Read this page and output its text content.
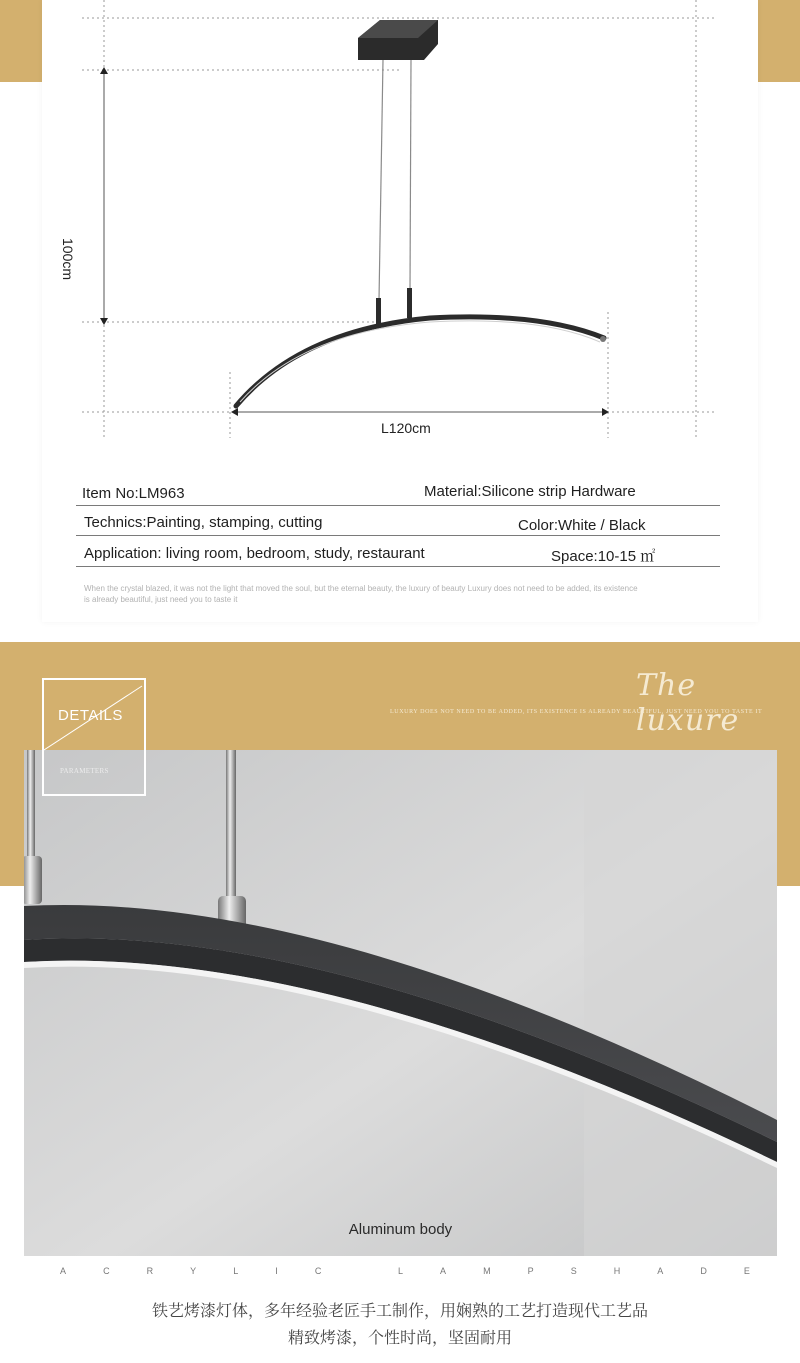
100cm
L120cm
Item No:LM963	Material:Silicone strip Hardware
Technics:Painting, stamping, cutting	Color:White / Black
Application: living room, bedroom, study, restaurant	Space:10-15 ㎡
When the crystal blazed, it was not the light that moved the soul, but the eternal beauty, the luxury of beauty Luxury does not need to be added, its existence is already beautiful, just need you to taste it
DETAILS
PARAMETERS
The luxure
LUXURY DOES NOT NEED TO BE ADDED, ITS EXISTENCE IS ALREADY BEAUTIFUL, JUST NEED YOU TO TASTE IT
Aluminum body
A	C	R	Y	L	I	C
	L	A	M	P	S	H	A	D	E
铁艺烤漆灯体，多年经验老匠手工制作，用娴熟的工艺打造现代工艺品
精致烤漆，个性时尚，坚固耐用
